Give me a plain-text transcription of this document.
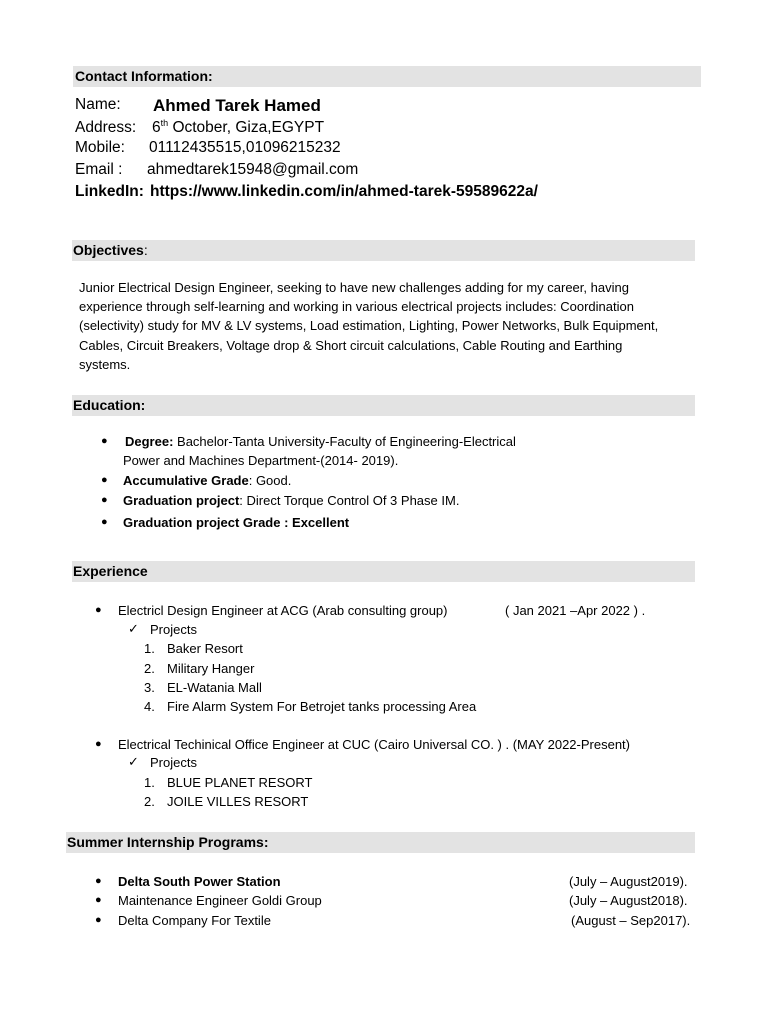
Contact Information:
Name: Ahmed Tarek Hamed
Address: 6th October, Giza,EGYPT
Mobile: 01112435515,01096215232
Email : ahmedtarek15948@gmail.com
LinkedIn: https://www.linkedin.com/in/ahmed-tarek-59589622a/
Objectives:
Junior Electrical Design Engineer, seeking to have new challenges adding for my career, having
experience through self-learning and working in various electrical projects includes: Coordination
(selectivity) study for MV & LV systems, Load estimation, Lighting, Power Networks, Bulk Equipment,
Cables, Circuit Breakers, Voltage drop & Short circuit calculations, Cable Routing and Earthing
systems.
Education:
● Degree: Bachelor-Tanta University-Faculty of Engineering-Electrical
Power and Machines Department-(2014- 2019).
● Accumulative Grade: Good.
● Graduation project: Direct Torque Control Of 3 Phase IM.
● Graduation project Grade : Excellent
Experience
● Electricl Design Engineer at ACG (Arab consulting group)	( Jan 2021 –Apr 2022 ) .
✓ Projects
1. Baker Resort
2. Military Hanger
3. EL-Watania Mall
4. Fire Alarm System For Betrojet tanks processing Area
● Electrical Techinical Office Engineer at CUC (Cairo Universal CO. ) . (MAY 2022-Present)
✓ Projects
1. BLUE PLANET RESORT
2. JOILE VILLES RESORT
Summer Internship Programs:
● Delta South Power Station	(July – August2019).
● Maintenance Engineer Goldi Group	(July – August2018).
● Delta Company For Textile	(August – Sep2017).
